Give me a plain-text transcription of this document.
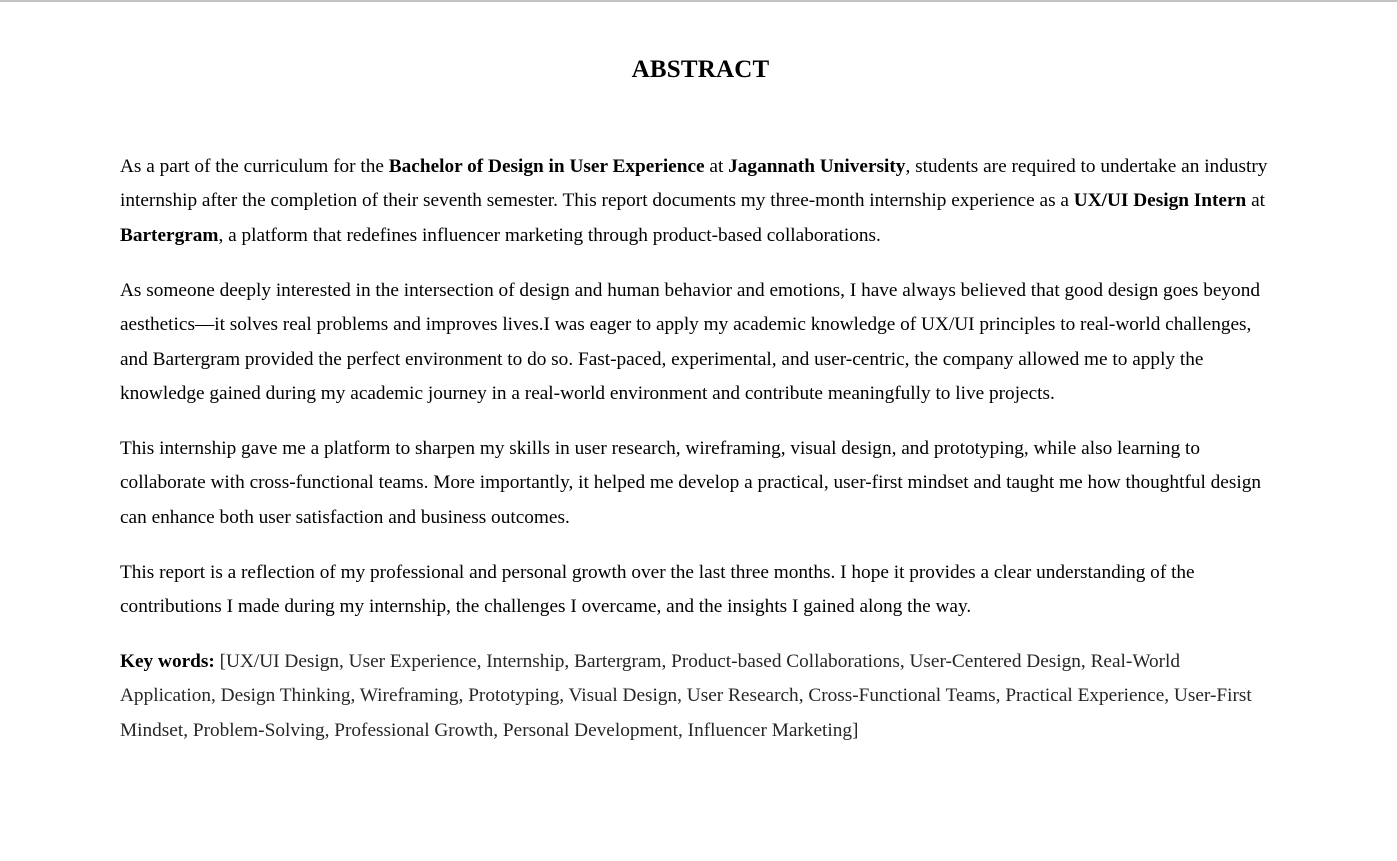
ABSTRACT

As a part of the curriculum for the Bachelor of Design in User Experience at Jagannath University, students are required to undertake an industry internship after the completion of their seventh semester. This report documents my three-month internship experience as a UX/UI Design Intern at Bartergram, a platform that redefines influencer marketing through product-based collaborations.

As someone deeply interested in the intersection of design and human behavior and emotions, I have always believed that good design goes beyond aesthetics—it solves real problems and improves lives.I was eager to apply my academic knowledge of UX/UI principles to real-world challenges, and Bartergram provided the perfect environment to do so. Fast-paced, experimental, and user-centric, the company allowed me to apply the knowledge gained during my academic journey in a real-world environment and contribute meaningfully to live projects.

This internship gave me a platform to sharpen my skills in user research, wireframing, visual design, and prototyping, while also learning to collaborate with cross-functional teams. More importantly, it helped me develop a practical, user-first mindset and taught me how thoughtful design can enhance both user satisfaction and business outcomes.

This report is a reflection of my professional and personal growth over the last three months. I hope it provides a clear understanding of the contributions I made during my internship, the challenges I overcame, and the insights I gained along the way.

Key words: [UX/UI Design, User Experience, Internship, Bartergram, Product-based Collaborations, User-Centered Design, Real-World Application, Design Thinking, Wireframing, Prototyping, Visual Design, User Research, Cross-Functional Teams, Practical Experience, User-First Mindset, Problem-Solving, Professional Growth, Personal Development, Influencer Marketing]
